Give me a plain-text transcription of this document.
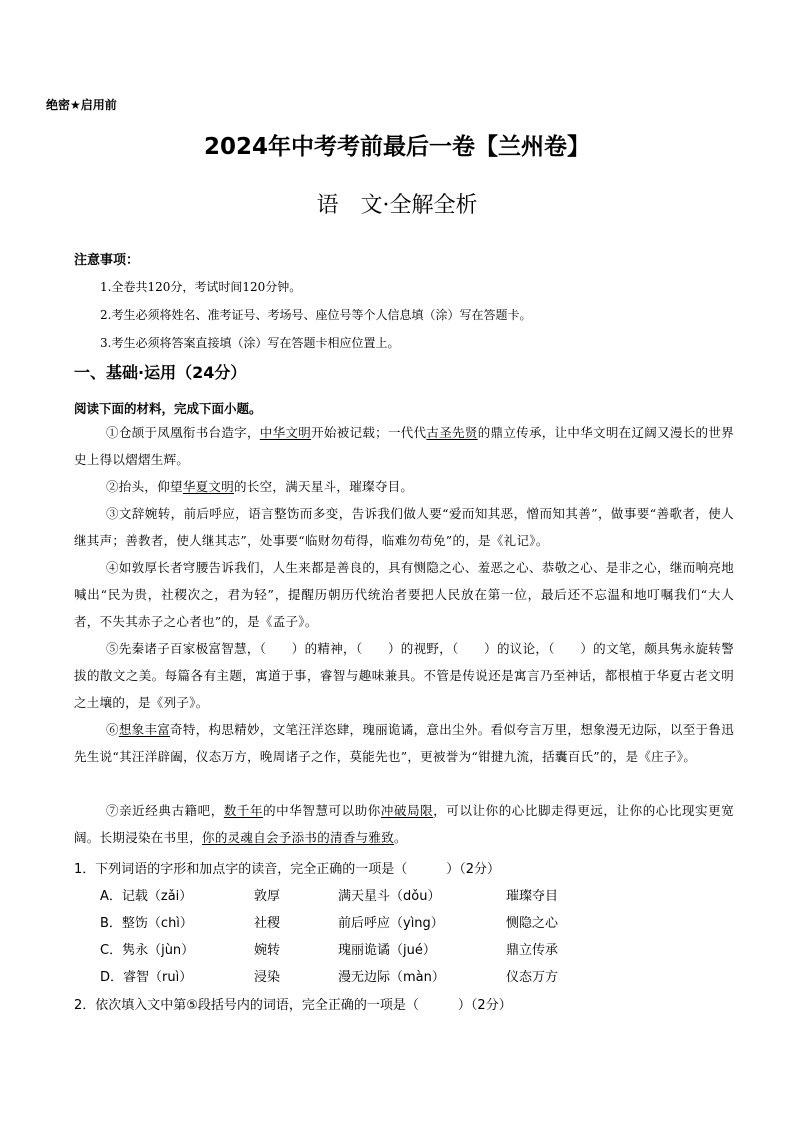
绝密★启用前
2024年中考考前最后一卷【兰州卷】
语　文·全解全析
注意事项：
1.全卷共120分，考试时间120分钟。
2.考生必须将姓名、准考证号、考场号、座位号等个人信息填（涂）写在答题卡。
3.考生必须将答案直接填（涂）写在答题卡相应位置上。
一、基础·运用（24分）
阅读下面的材料，完成下面小题。
①仓颉于凤凰衔书台造字，中华文明开始被记载；一代代古圣先贤的鼎立传承，让中华文明在辽阔又漫长的世界史上得以熠熠生辉。
②抬头，仰望华夏文明的长空，满天星斗，璀璨夺目。
③文辞婉转，前后呼应，语言整饬而多变，告诉我们做人要“爱而知其恶，憎而知其善”，做事要“善歌者，使人继其声；善教者，使人继其志”，处事要“临财勿苟得，临难勿苟免”的，是《礼记》。
④如敦厚长者穹腰告诉我们，人生来都是善良的，具有恻隐之心、羞恶之心、恭敬之心、是非之心，继而响亮地喊出“民为贵，社稷次之，君为轻”，提醒历朝历代统治者要把人民放在第一位，最后还不忘温和地叮嘱我们“大人者，不失其赤子之心者也”的，是《孟子》。
⑤先秦诸子百家极富智慧，（　　）的精神，（　　）的视野，（　　）的议论，（　　）的文笔，颇具隽永旋转警拔的散文之美。每篇各有主题，寓道于事，睿智与趣味兼具。不管是传说还是寓言乃至神话，都根植于华夏古老文明之土壤的，是《列子》。
⑥想象丰富奇特，构思精妙，文笔汪洋恣肆，瑰丽诡谲，意出尘外。看似夸言万里，想象漫无边际，以至于鲁迅先生说“其汪洋辟阖，仪态万方，晚周诸子之作，莫能先也”，更被誉为“钳揵九流，括囊百氏”的，是《庄子》。
⑦亲近经典古籍吧，数千年的中华智慧可以助你冲破局限，可以让你的心比脚走得更远，让你的心比现实更宽阔。长期浸染在书里，你的灵魂自会予添书的清香与雅致。
1．下列词语的字形和加点字的读音，完全正确的一项是（　　　）（2分）
A．记载（zǎi）	敦厚	满天星斗（dǒu）	璀璨夺目
B．整饬（chì）	社稷	前后呼应（yìng）	恻隐之心
C．隽永（jùn）	婉转	瑰丽诡谲（jué）	鼎立传承
D．睿智（ruì）	浸染	漫无边际（màn）	仪态万方
2．依次填入文中第⑤段括号内的词语，完全正确的一项是（　　　）（2分）
